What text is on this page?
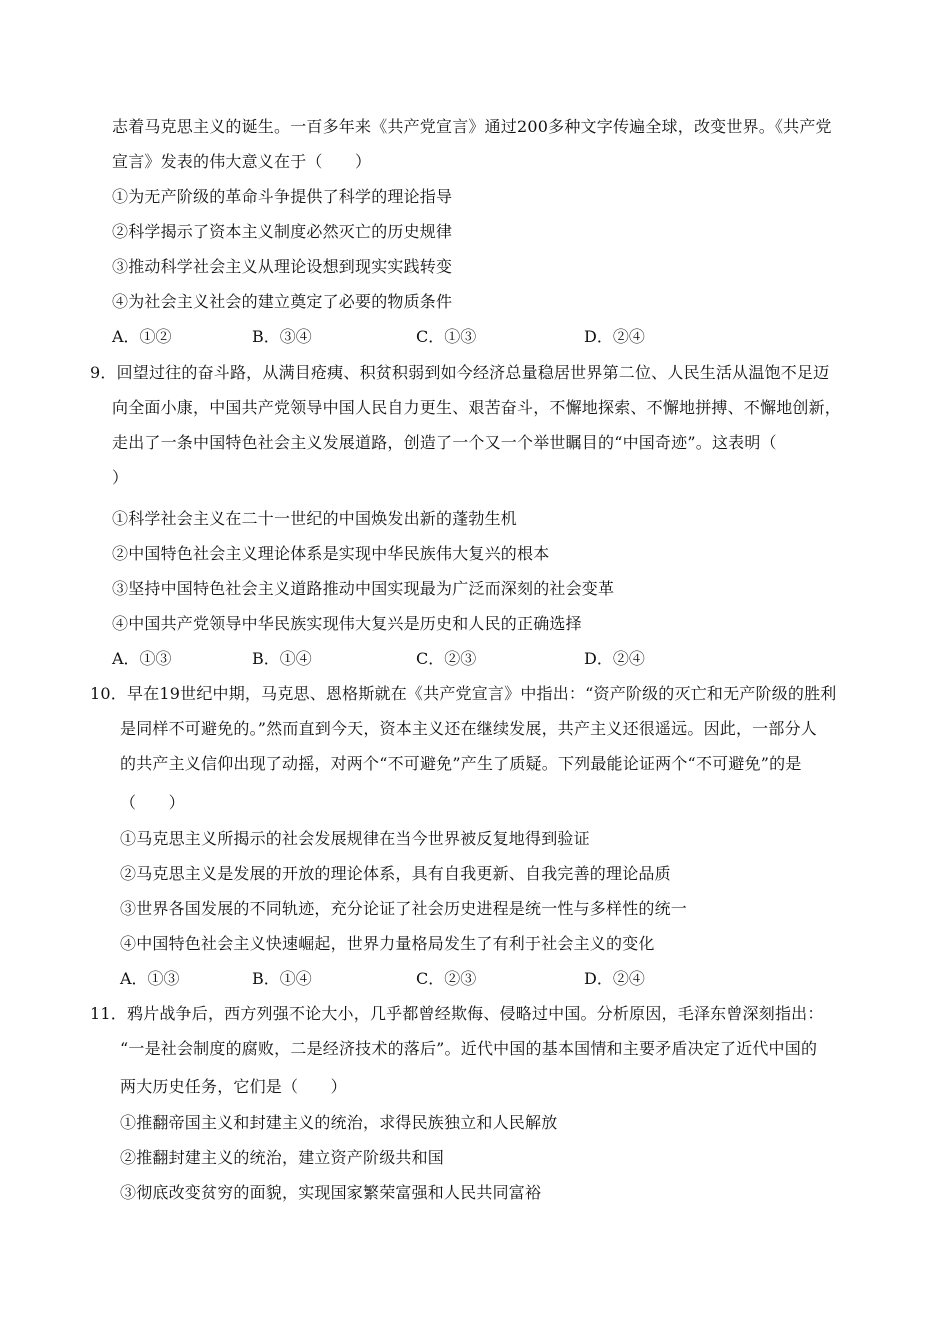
志着马克思主义的诞生。一百多年来《共产党宣言》通过200多种文字传遍全球，改变世界。《共产党
宣言》发表的伟大意义在于（　　）
①为无产阶级的革命斗争提供了科学的理论指导
②科学揭示了资本主义制度必然灭亡的历史规律
③推动科学社会主义从理论设想到现实实践转变
④为社会主义社会的建立奠定了必要的物质条件
A．①②	B．③④	C．①③	D．②④
9．回望过往的奋斗路，从满目疮痍、积贫积弱到如今经济总量稳居世界第二位、人民生活从温饱不足迈
向全面小康，中国共产党领导中国人民自力更生、艰苦奋斗，不懈地探索、不懈地拼搏、不懈地创新，
走出了一条中国特色社会主义发展道路，创造了一个又一个举世瞩目的“中国奇迹”。这表明（
）
①科学社会主义在二十一世纪的中国焕发出新的蓬勃生机
②中国特色社会主义理论体系是实现中华民族伟大复兴的根本
③坚持中国特色社会主义道路推动中国实现最为广泛而深刻的社会变革
④中国共产党领导中华民族实现伟大复兴是历史和人民的正确选择
A．①③	B．①④	C．②③	D．②④
10．早在19世纪中期，马克思、恩格斯就在《共产党宣言》中指出：“资产阶级的灭亡和无产阶级的胜利
是同样不可避免的。”然而直到今天，资本主义还在继续发展，共产主义还很遥远。因此，一部分人
的共产主义信仰出现了动摇，对两个“不可避免”产生了质疑。下列最能论证两个“不可避免”的是
（　　）
①马克思主义所揭示的社会发展规律在当今世界被反复地得到验证
②马克思主义是发展的开放的理论体系，具有自我更新、自我完善的理论品质
③世界各国发展的不同轨迹，充分论证了社会历史进程是统一性与多样性的统一
④中国特色社会主义快速崛起，世界力量格局发生了有利于社会主义的变化
A．①③	B．①④	C．②③	D．②④
11．鸦片战争后，西方列强不论大小，几乎都曾经欺侮、侵略过中国。分析原因，毛泽东曾深刻指出：
“一是社会制度的腐败，二是经济技术的落后”。近代中国的基本国情和主要矛盾决定了近代中国的
两大历史任务，它们是（　　）
①推翻帝国主义和封建主义的统治，求得民族独立和人民解放
②推翻封建主义的统治，建立资产阶级共和国
③彻底改变贫穷的面貌，实现国家繁荣富强和人民共同富裕
